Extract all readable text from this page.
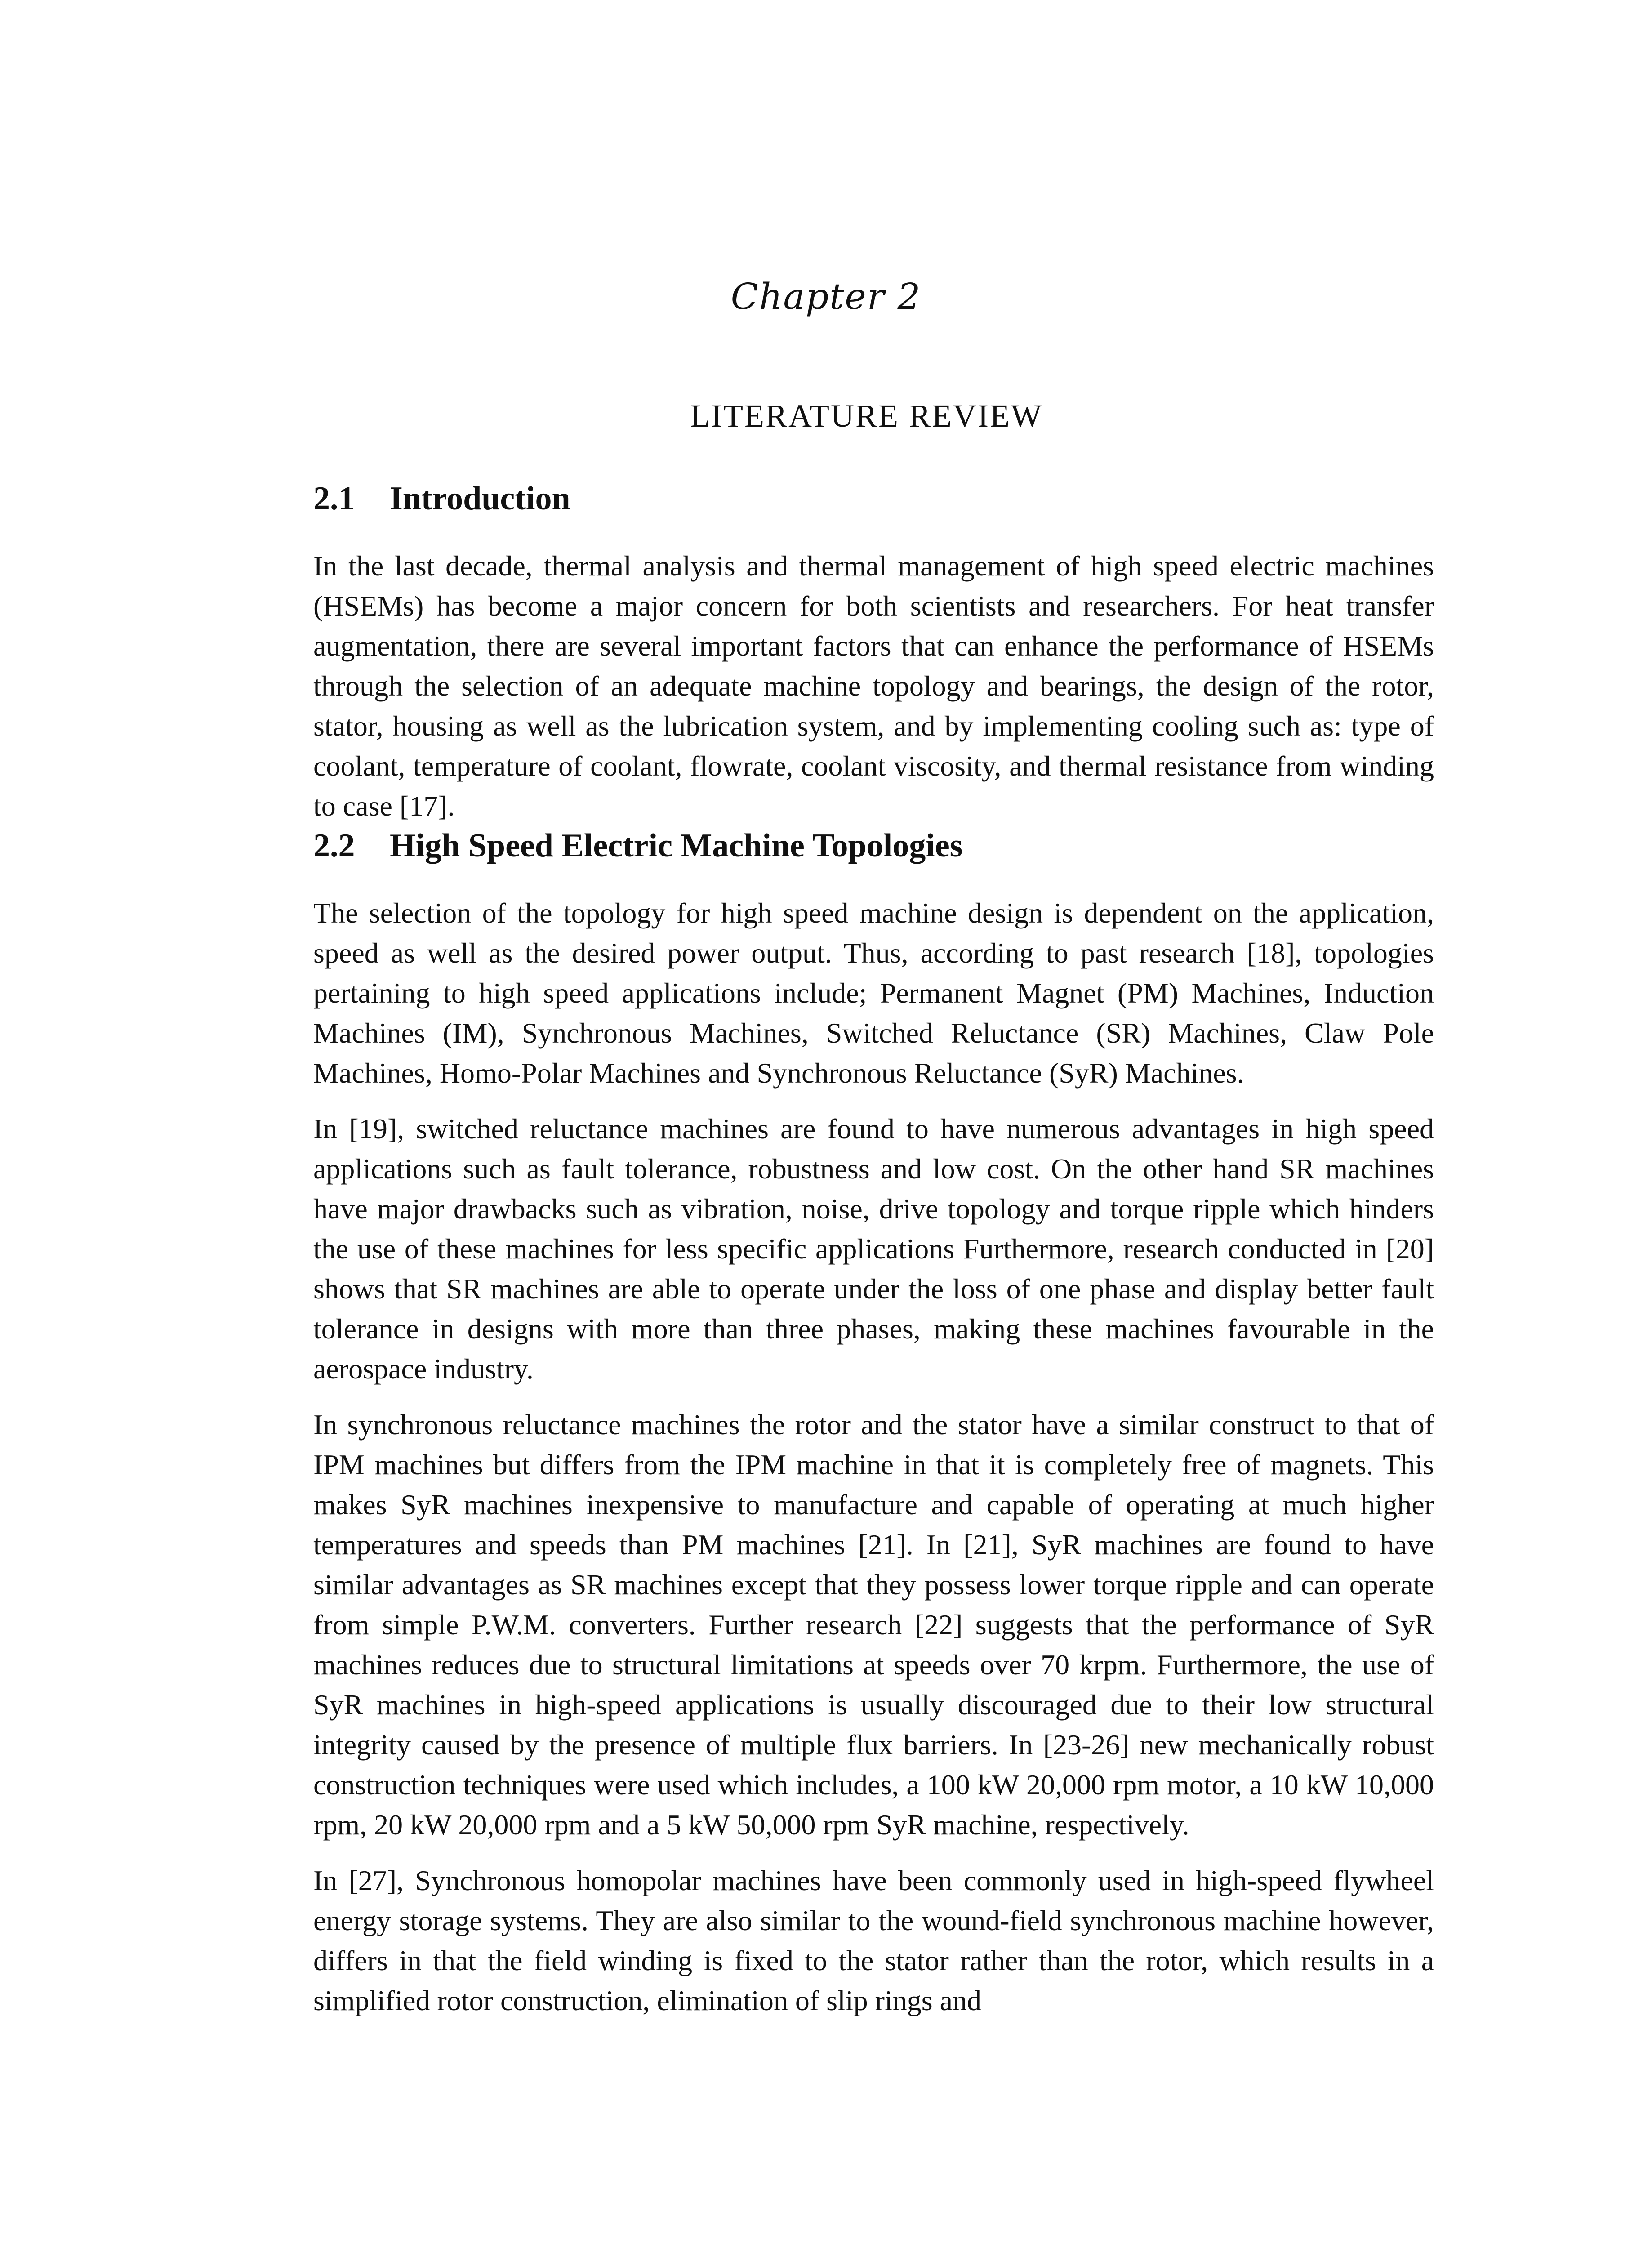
Chapter 2
LITERATURE REVIEW
2.1	Introduction

In the last decade, thermal analysis and thermal management of high speed electric machines (HSEMs) has become a major concern for both scientists and researchers. For heat transfer augmentation, there are several important factors that can enhance the performance of HSEMs through the selection of an adequate machine topology and bearings, the design of the rotor, stator, housing as well as the lubrication system, and by implementing cooling such as: type of coolant, temperature of coolant, flowrate, coolant viscosity, and thermal resistance from winding to case [17].

2.2	High Speed Electric Machine Topologies

The selection of the topology for high speed machine design is dependent on the application, speed as well as the desired power output. Thus, according to past research [18], topologies pertaining to high speed applications include; Permanent Magnet (PM) Machines, Induction Machines (IM), Synchronous Machines, Switched Reluctance (SR) Machines, Claw Pole Machines, Homo-Polar Machines and Synchronous Reluctance (SyR) Machines.

In [19], switched reluctance machines are found to have numerous advantages in high speed applications such as fault tolerance, robustness and low cost. On the other hand SR machines have major drawbacks such as vibration, noise, drive topology and torque ripple which hinders the use of these machines for less specific applications Furthermore, research conducted in [20] shows that SR machines are able to operate under the loss of one phase and display better fault tolerance in designs with more than three phases, making these machines favourable in the aerospace industry.

In synchronous reluctance machines the rotor and the stator have a similar construct to that of IPM machines but differs from the IPM machine in that it is completely free of magnets. This makes SyR machines inexpensive to manufacture and capable of operating at much higher temperatures and speeds than PM machines [21]. In [21], SyR machines are found to have similar advantages as SR machines except that they possess lower torque ripple and can operate from simple P.W.M. converters. Further research [22] suggests that the performance of SyR machines reduces due to structural limitations at speeds over 70 krpm. Furthermore, the use of SyR machines in high-speed applications is usually discouraged due to their low structural integrity caused by the presence of multiple flux barriers. In [23-26] new mechanically robust construction techniques were used which includes, a 100 kW 20,000 rpm motor, a 10 kW 10,000 rpm, 20 kW 20,000 rpm and a 5 kW 50,000 rpm SyR machine, respectively.

In [27], Synchronous homopolar machines have been commonly used in high-speed flywheel energy storage systems. They are also similar to the wound-field synchronous machine however, differs in that the field winding is fixed to the stator rather than the rotor, which results in a simplified rotor construction, elimination of slip rings and
